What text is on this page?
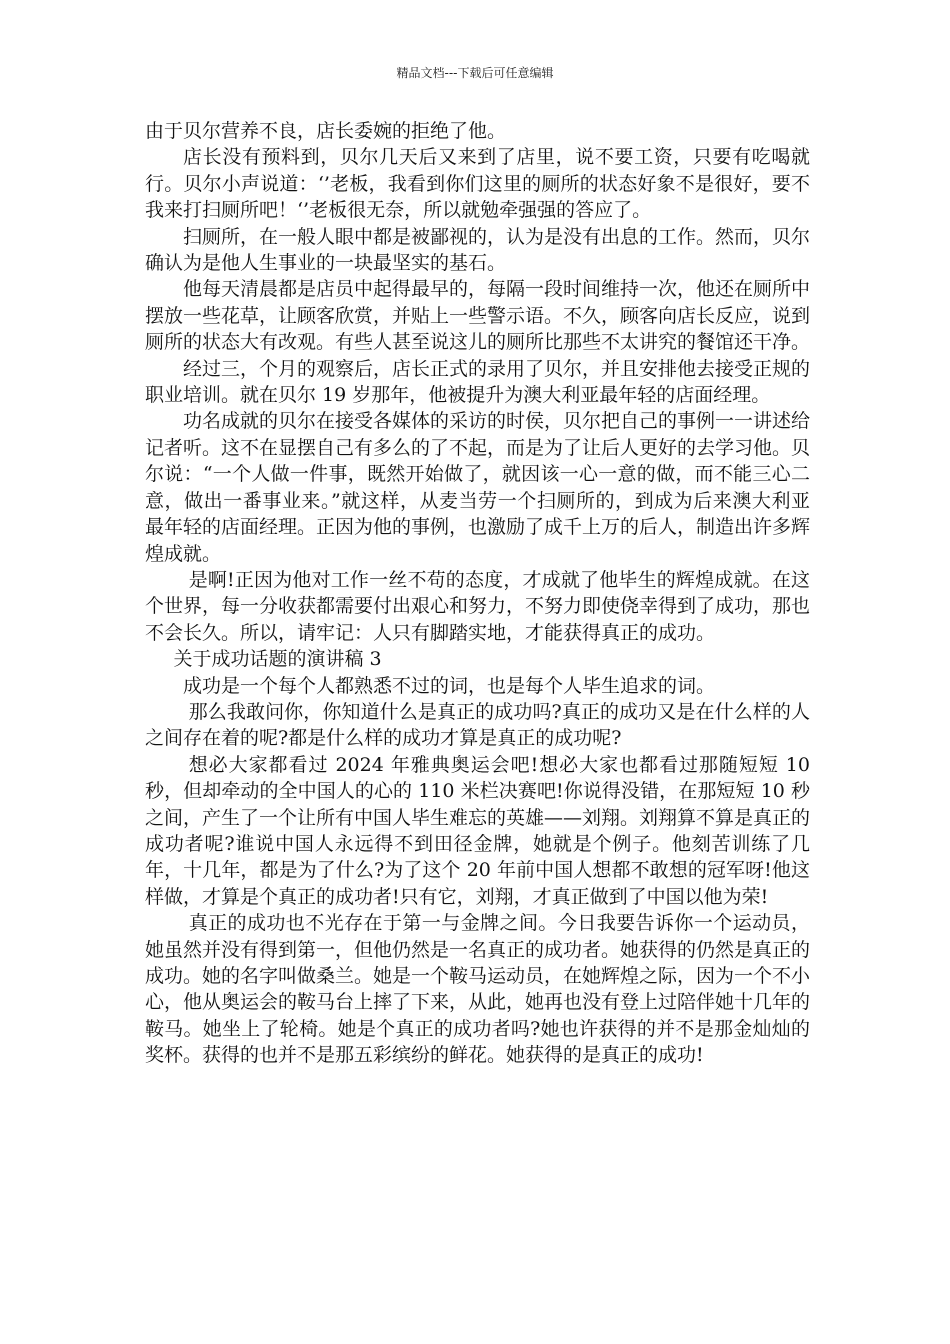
精品文档---下载后可任意编辑

由于贝尔营养不良，店长委婉的拒绝了他。

店长没有预料到，贝尔几天后又来到了店里，说不要工资，只要有吃喝就行。贝尔小声说道：‘’老板，我看到你们这里的厕所的状态好象不是很好，要不我来打扫厕所吧！‘’老板很无奈，所以就勉牵强强的答应了。

扫厕所，在一般人眼中都是被鄙视的，认为是没有出息的工作。然而，贝尔确认为是他人生事业的一块最坚实的基石。

他每天清晨都是店员中起得最早的，每隔一段时间维持一次，他还在厕所中摆放一些花草，让顾客欣赏，并贴上一些警示语。不久，顾客向店长反应，说到厕所的状态大有改观。有些人甚至说这儿的厕所比那些不太讲究的餐馆还干净。

经过三，个月的观察后，店长正式的录用了贝尔，并且安排他去接受正规的职业培训。就在贝尔 19 岁那年，他被提升为澳大利亚最年轻的店面经理。

功名成就的贝尔在接受各媒体的采访的时侯，贝尔把自己的事例一一讲述给记者听。这不在显摆自己有多么的了不起，而是为了让后人更好的去学习他。贝尔说：“一个人做一件事，既然开始做了，就因该一心一意的做，而不能三心二意，做出一番事业来。”就这样，从麦当劳一个扫厕所的，到成为后来澳大利亚最年轻的店面经理。正因为他的事例，也激励了成千上万的后人，制造出许多辉煌成就。

是啊!正因为他对工作一丝不苟的态度，才成就了他毕生的辉煌成就。在这个世界，每一分收获都需要付出艰心和努力，不努力即使侥幸得到了成功，那也不会长久。所以，请牢记：人只有脚踏实地，才能获得真正的成功。

关于成功话题的演讲稿 3

成功是一个每个人都熟悉不过的词，也是每个人毕生追求的词。

那么我敢问你，你知道什么是真正的成功吗?真正的成功又是在什么样的人之间存在着的呢?都是什么样的成功才算是真正的成功呢?

想必大家都看过 2024 年雅典奥运会吧!想必大家也都看过那随短短 10 秒，但却牵动的全中国人的心的 110 米栏决赛吧!你说得没错，在那短短 10 秒之间，产生了一个让所有中国人毕生难忘的英雄——刘翔。刘翔算不算是真正的成功者呢?谁说中国人永远得不到田径金牌，她就是个例子。他刻苦训练了几年，十几年，都是为了什么?为了这个 20 年前中国人想都不敢想的冠军呀!他这样做，才算是个真正的成功者!只有它，刘翔，才真正做到了中国以他为荣!

真正的成功也不光存在于第一与金牌之间。今日我要告诉你一个运动员，她虽然并没有得到第一，但他仍然是一名真正的成功者。她获得的仍然是真正的成功。她的名字叫做桑兰。她是一个鞍马运动员，在她辉煌之际，因为一个不小心，他从奥运会的鞍马台上摔了下来，从此，她再也没有登上过陪伴她十几年的鞍马。她坐上了轮椅。她是个真正的成功者吗?她也许获得的并不是那金灿灿的奖杯。获得的也并不是那五彩缤纷的鲜花。她获得的是真正的成功!
